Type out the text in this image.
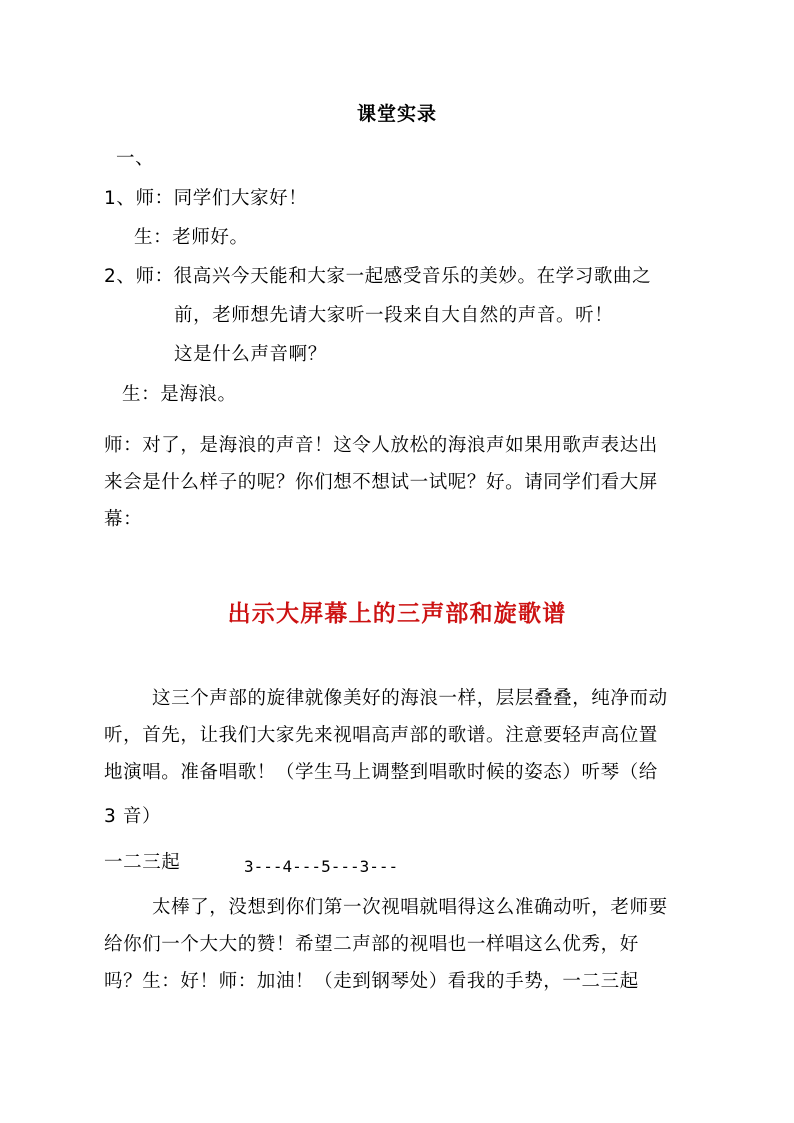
课堂实录
一、
1、师：同学们大家好！
生：老师好。
2、师：很高兴今天能和大家一起感受音乐的美妙。在学习歌曲之
前，老师想先请大家听一段来自大自然的声音。听！
这是什么声音啊？
生：是海浪。
师：对了，是海浪的声音！这令人放松的海浪声如果用歌声表达出
来会是什么样子的呢？你们想不想试一试呢？好。请同学们看大屏
幕：
出示大屏幕上的三声部和旋歌谱
这三个声部的旋律就像美好的海浪一样，层层叠叠，纯净而动
听，首先，让我们大家先来视唱高声部的歌谱。注意要轻声高位置
地演唱。准备唱歌！（学生马上调整到唱歌时候的姿态）听琴（给
3 音）
一二三起	3---4---5---3---
太棒了，没想到你们第一次视唱就唱得这么准确动听，老师要
给你们一个大大的赞！希望二声部的视唱也一样唱这么优秀，好
吗？生：好！师：加油！（走到钢琴处）看我的手势，一二三起
